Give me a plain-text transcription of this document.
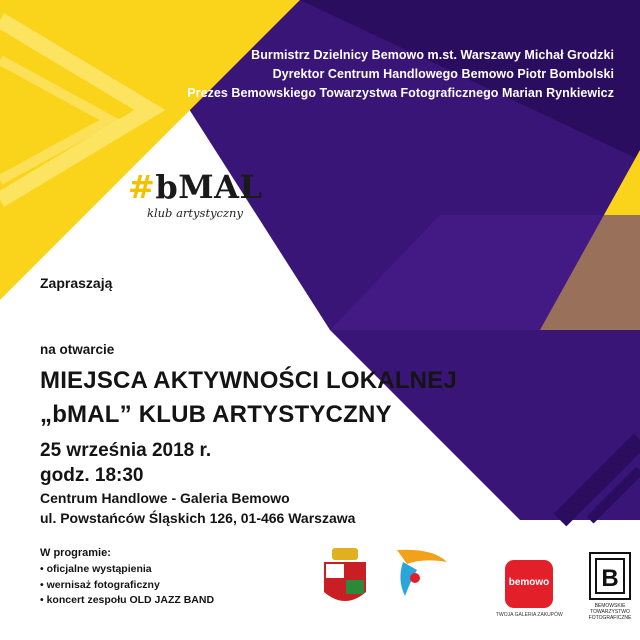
B
Burmistrz Dzielnicy Bemowo m.st. Warszawy Michał Grodzki
Dyrektor Centrum Handlowego Bemowo Piotr Bombolski
Prezes Bemowskiego Towarzystwa Fotograficznego Marian Rynkiewicz
#bMAL
klub artystyczny
Zapraszają
na otwarcie
MIEJSCA AKTYWNOŚCI LOKALNEJ
„bMAL” KLUB ARTYSTYCZNY
25 września 2018 r.
godz. 18:30
Centrum Handlowe - Galeria Bemowo
ul. Powstańców Śląskich 126, 01-466 Warszawa
W programie:
• oficjalne wystąpienia
• wernisaż fotograficzny
• koncert zespołu OLD JAZZ BAND
bemowo
TWOJA GALERIA ZAKUPÓW
BEMOWSKIE TOWARZYSTWO FOTOGRAFICZNE
